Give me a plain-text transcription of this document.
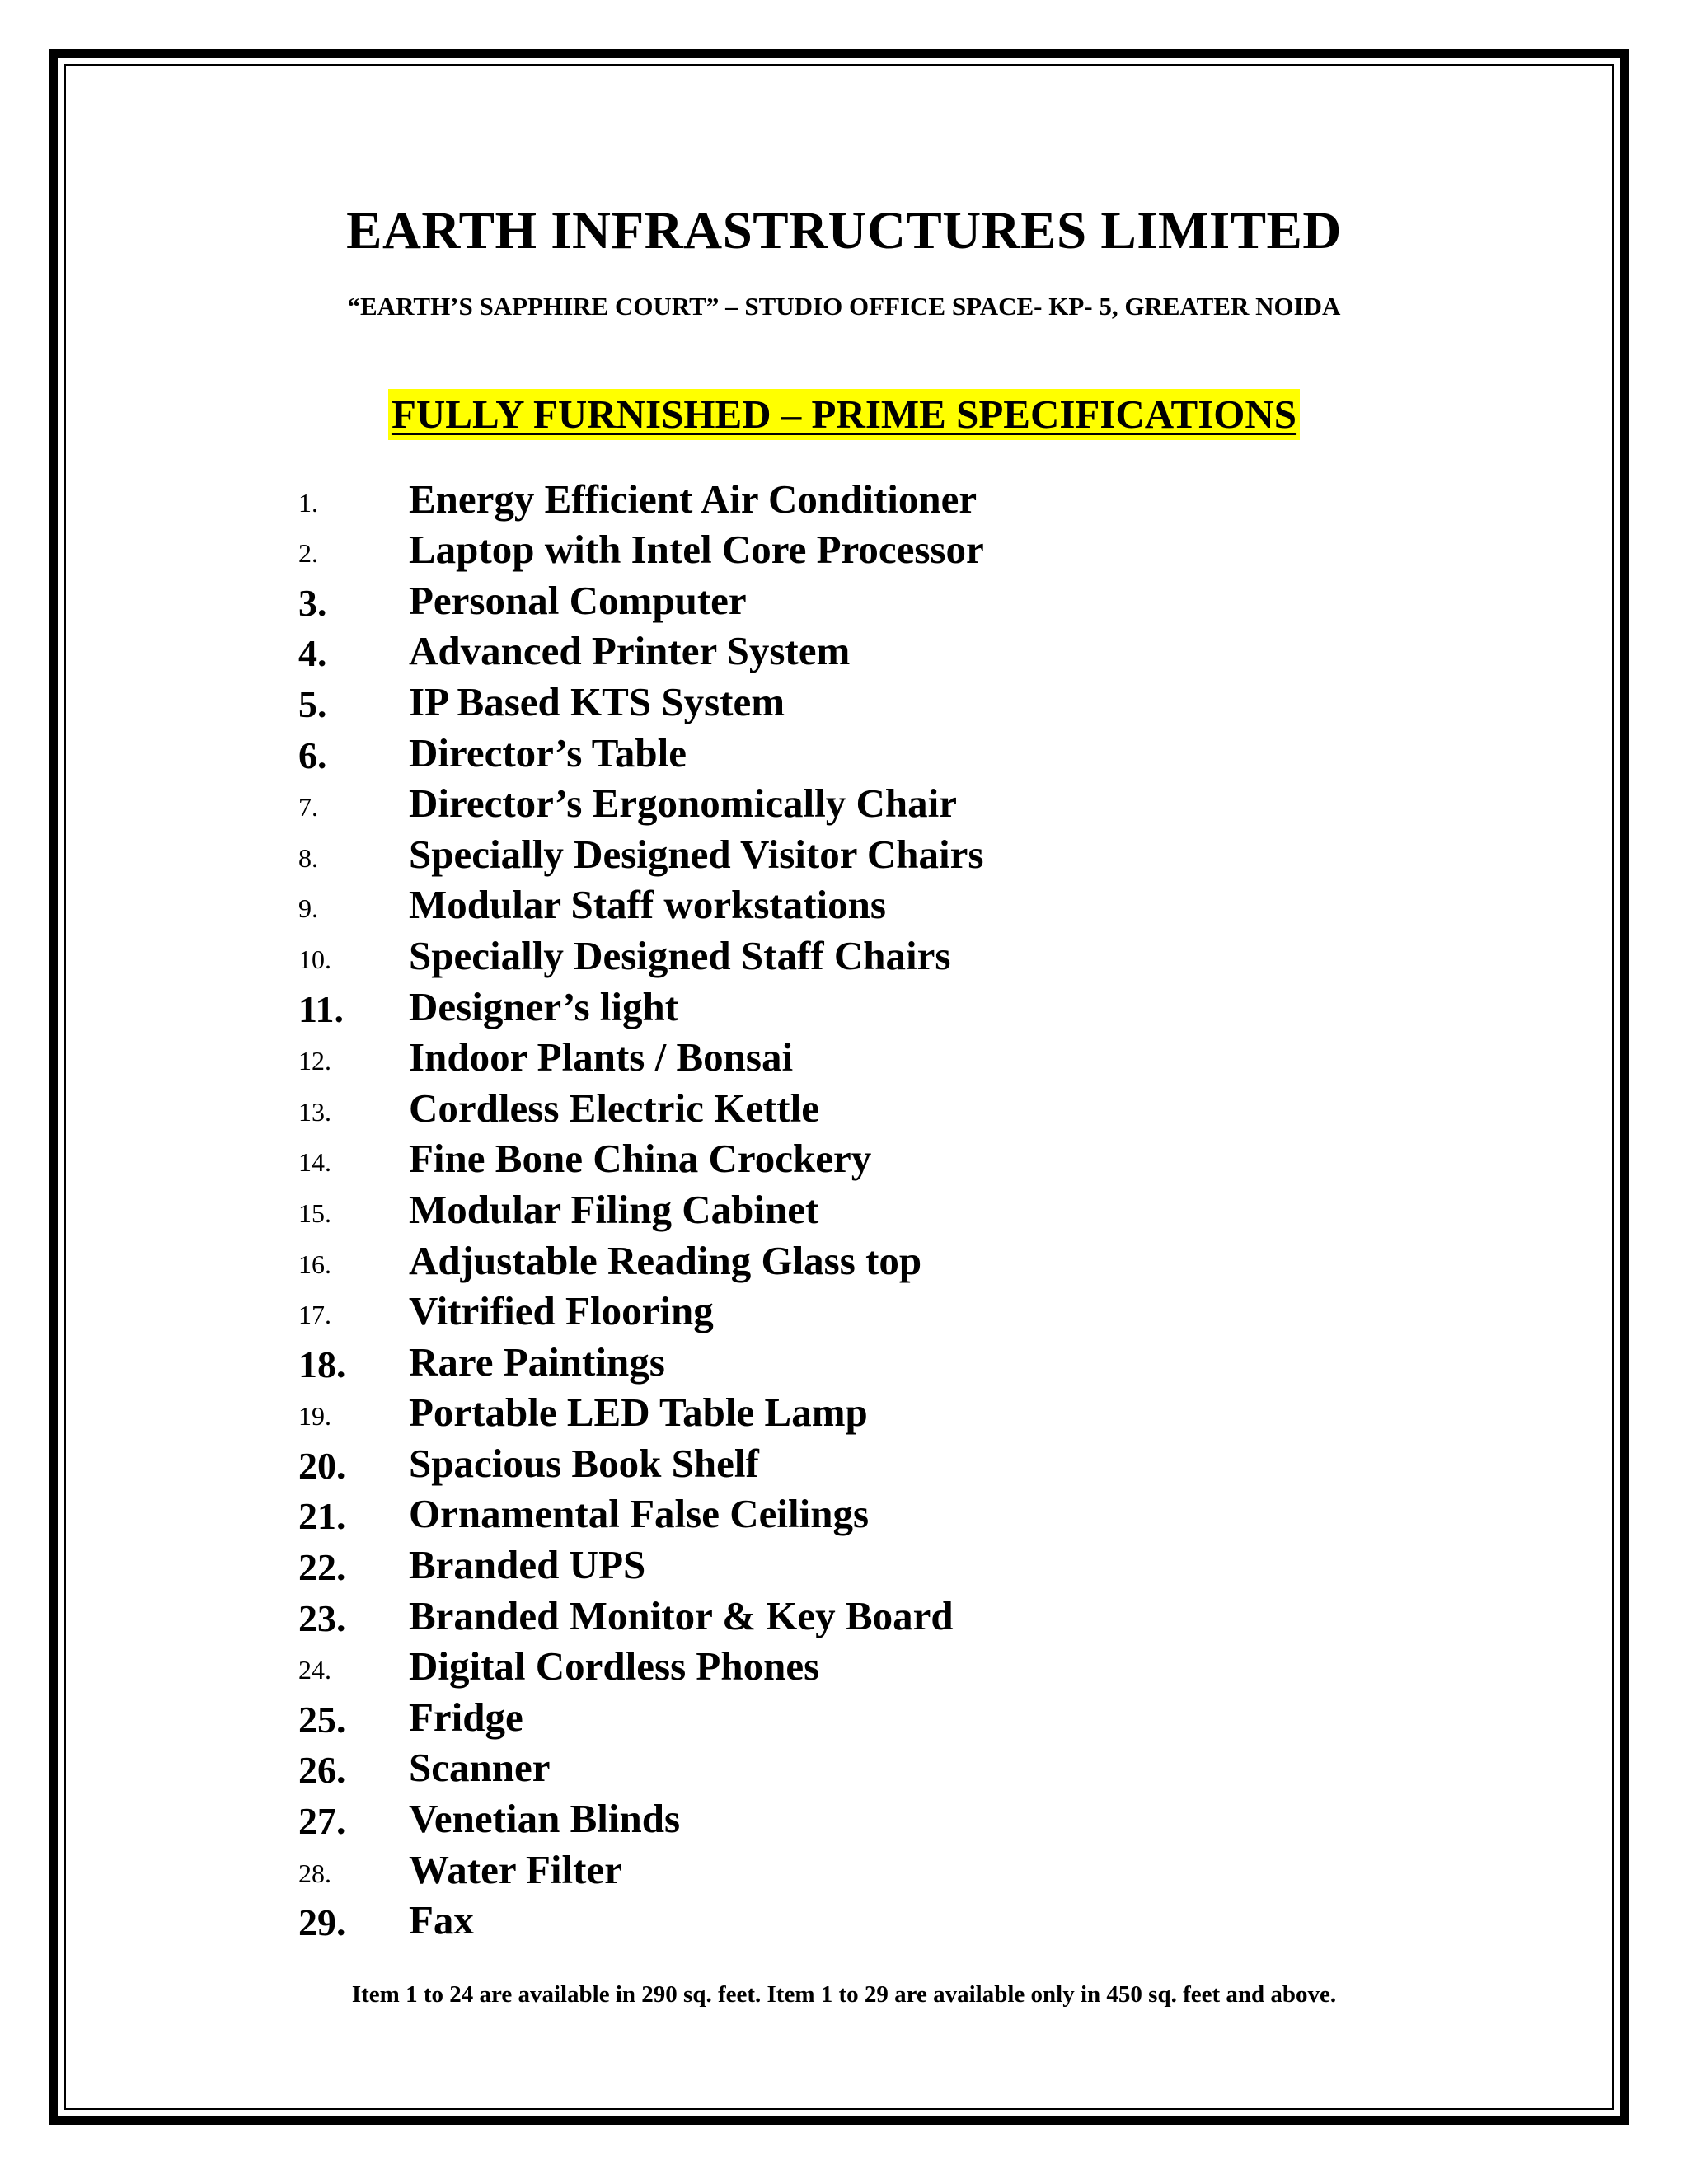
EARTH INFRASTRUCTURES LIMITED
“EARTH’S SAPPHIRE COURT” – STUDIO OFFICE SPACE- KP- 5, GREATER NOIDA
FULLY FURNISHED – PRIME SPECIFICATIONS
1. Energy Efficient Air Conditioner
2. Laptop with Intel Core Processor
3. Personal Computer
4. Advanced Printer System
5. IP Based KTS System
6. Director’s Table
7. Director’s Ergonomically Chair
8. Specially Designed Visitor Chairs
9. Modular Staff workstations
10. Specially Designed Staff Chairs
11. Designer’s light
12. Indoor Plants / Bonsai
13. Cordless Electric Kettle
14. Fine Bone China Crockery
15. Modular Filing Cabinet
16. Adjustable Reading Glass top
17. Vitrified Flooring
18. Rare Paintings
19. Portable LED Table Lamp
20. Spacious Book Shelf
21. Ornamental False Ceilings
22. Branded UPS
23. Branded Monitor & Key Board
24. Digital Cordless Phones
25. Fridge
26. Scanner
27. Venetian Blinds
28. Water Filter
29. Fax
Item 1 to 24 are available in 290 sq. feet. Item 1 to 29 are available only in 450 sq. feet and above.
